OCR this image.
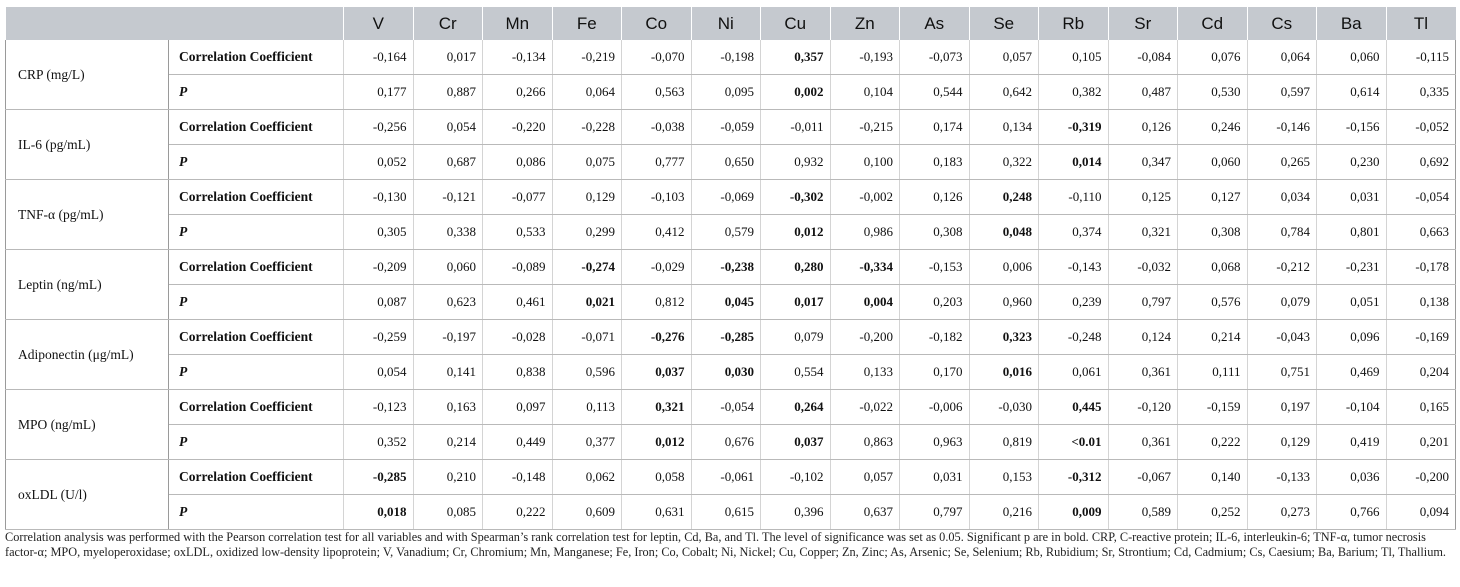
		V	Cr	Mn	Fe	Co	Ni	Cu	Zn	As	Se	Rb	Sr	Cd	Cs	Ba	Tl
CRP (mg/L)	Correlation Coefficient	-0,164	0,017	-0,134	-0,219	-0,070	-0,198	0,357	-0,193	-0,073	0,057	0,105	-0,084	0,076	0,064	0,060	-0,115
	P	0,177	0,887	0,266	0,064	0,563	0,095	0,002	0,104	0,544	0,642	0,382	0,487	0,530	0,597	0,614	0,335
IL-6 (pg/mL)	Correlation Coefficient	-0,256	0,054	-0,220	-0,228	-0,038	-0,059	-0,011	-0,215	0,174	0,134	-0,319	0,126	0,246	-0,146	-0,156	-0,052
	P	0,052	0,687	0,086	0,075	0,777	0,650	0,932	0,100	0,183	0,322	0,014	0,347	0,060	0,265	0,230	0,692
TNF-α (pg/mL)	Correlation Coefficient	-0,130	-0,121	-0,077	0,129	-0,103	-0,069	-0,302	-0,002	0,126	0,248	-0,110	0,125	0,127	0,034	0,031	-0,054
	P	0,305	0,338	0,533	0,299	0,412	0,579	0,012	0,986	0,308	0,048	0,374	0,321	0,308	0,784	0,801	0,663
Leptin (ng/mL)	Correlation Coefficient	-0,209	0,060	-0,089	-0,274	-0,029	-0,238	0,280	-0,334	-0,153	0,006	-0,143	-0,032	0,068	-0,212	-0,231	-0,178
	P	0,087	0,623	0,461	0,021	0,812	0,045	0,017	0,004	0,203	0,960	0,239	0,797	0,576	0,079	0,051	0,138
Adiponectin (μg/mL)	Correlation Coefficient	-0,259	-0,197	-0,028	-0,071	-0,276	-0,285	0,079	-0,200	-0,182	0,323	-0,248	0,124	0,214	-0,043	0,096	-0,169
	P	0,054	0,141	0,838	0,596	0,037	0,030	0,554	0,133	0,170	0,016	0,061	0,361	0,111	0,751	0,469	0,204
MPO (ng/mL)	Correlation Coefficient	-0,123	0,163	0,097	0,113	0,321	-0,054	0,264	-0,022	-0,006	-0,030	0,445	-0,120	-0,159	0,197	-0,104	0,165
	P	0,352	0,214	0,449	0,377	0,012	0,676	0,037	0,863	0,963	0,819	<0.01	0,361	0,222	0,129	0,419	0,201
oxLDL (U/l)	Correlation Coefficient	-0,285	0,210	-0,148	0,062	0,058	-0,061	-0,102	0,057	0,031	0,153	-0,312	-0,067	0,140	-0,133	0,036	-0,200
	P	0,018	0,085	0,222	0,609	0,631	0,615	0,396	0,637	0,797	0,216	0,009	0,589	0,252	0,273	0,766	0,094

Correlation analysis was performed with the Pearson correlation test for all variables and with Spearman’s rank correlation test for leptin, Cd, Ba, and Tl. The level of significance was set as 0.05. Significant p are in bold. CRP, C-reactive protein; IL-6, interleukin-6; TNF-α, tumor necrosis factor-α; MPO, myeloperoxidase; oxLDL, oxidized low-density lipoprotein; V, Vanadium; Cr, Chromium; Mn, Manganese; Fe, Iron; Co, Cobalt; Ni, Nickel; Cu, Copper; Zn, Zinc; As, Arsenic; Se, Selenium; Rb, Rubidium; Sr, Strontium; Cd, Cadmium; Cs, Caesium; Ba, Barium; Tl, Thallium.
